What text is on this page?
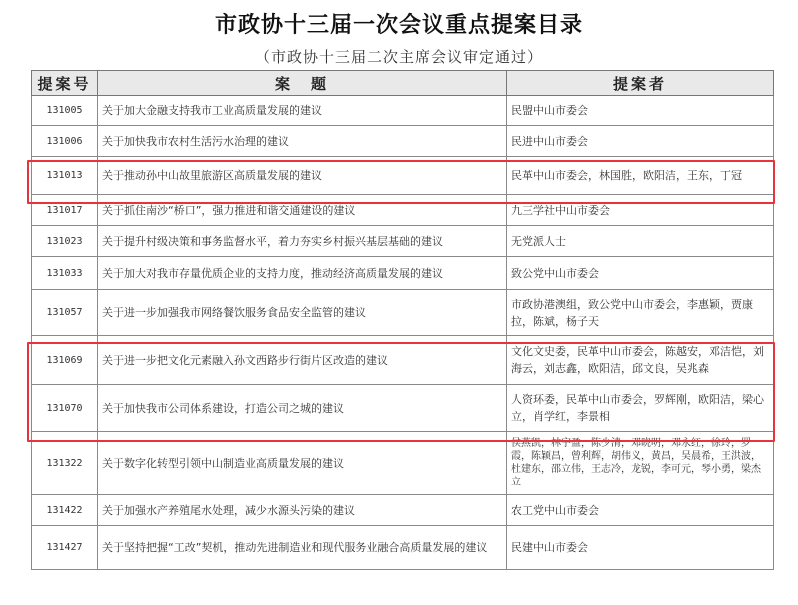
市政协十三届一次会议重点提案目录
（市政协十三届二次主席会议审定通过）
提案号	案　题	提案者
131005	关于加大金融支持我市工业高质量发展的建议	民盟中山市委会
131006	关于加快我市农村生活污水治理的建议	民进中山市委会
131013	关于推动孙中山故里旅游区高质量发展的建议	民革中山市委会，林国胜，欧阳洁，王东，丁冠
131017	关于抓住南沙“桥口”，强力推进和谐交通建设的建议	九三学社中山市委会
131023	关于提升村级决策和事务监督水平，着力夯实乡村振兴基层基础的建议	无党派人士
131033	关于加大对我市存量优质企业的支持力度，推动经济高质量发展的建议	致公党中山市委会
131057	关于进一步加强我市网络餐饮服务食品安全监管的建议	市政协港澳组，致公党中山市委会，李惠颖，贾康拉，陈斌，杨子天
131069	关于进一步把文化元素融入孙文西路步行街片区改造的建议	文化文史委，民革中山市委会，陈越安，邓洁恺，刘海云，刘志鑫，欧阳洁，邱文良，吴兆森
131070	关于加快我市公司体系建设，打造公司之城的建议	人资环委，民革中山市委会，罗辉刚，欧阳洁，梁心立，肖学红，李景相
131322	关于数字化转型引领中山制造业高质量发展的建议	侯燕凯，林宇盈，陈少清，邓晓明，邓永红，徐玲，罗霞，陈颖昌，曾利辉，胡伟义，黄昌，吴晨希，王洪波，杜建东，邵立伟，王志冷，龙锐，李可元，琴小勇，梁杰立
131422	关于加强水产养殖尾水处理，减少水源头污染的建议	农工党中山市委会
131427	关于坚持把握“工改”契机，推动先进制造业和现代服务业融合高质量发展的建议	民建中山市委会
